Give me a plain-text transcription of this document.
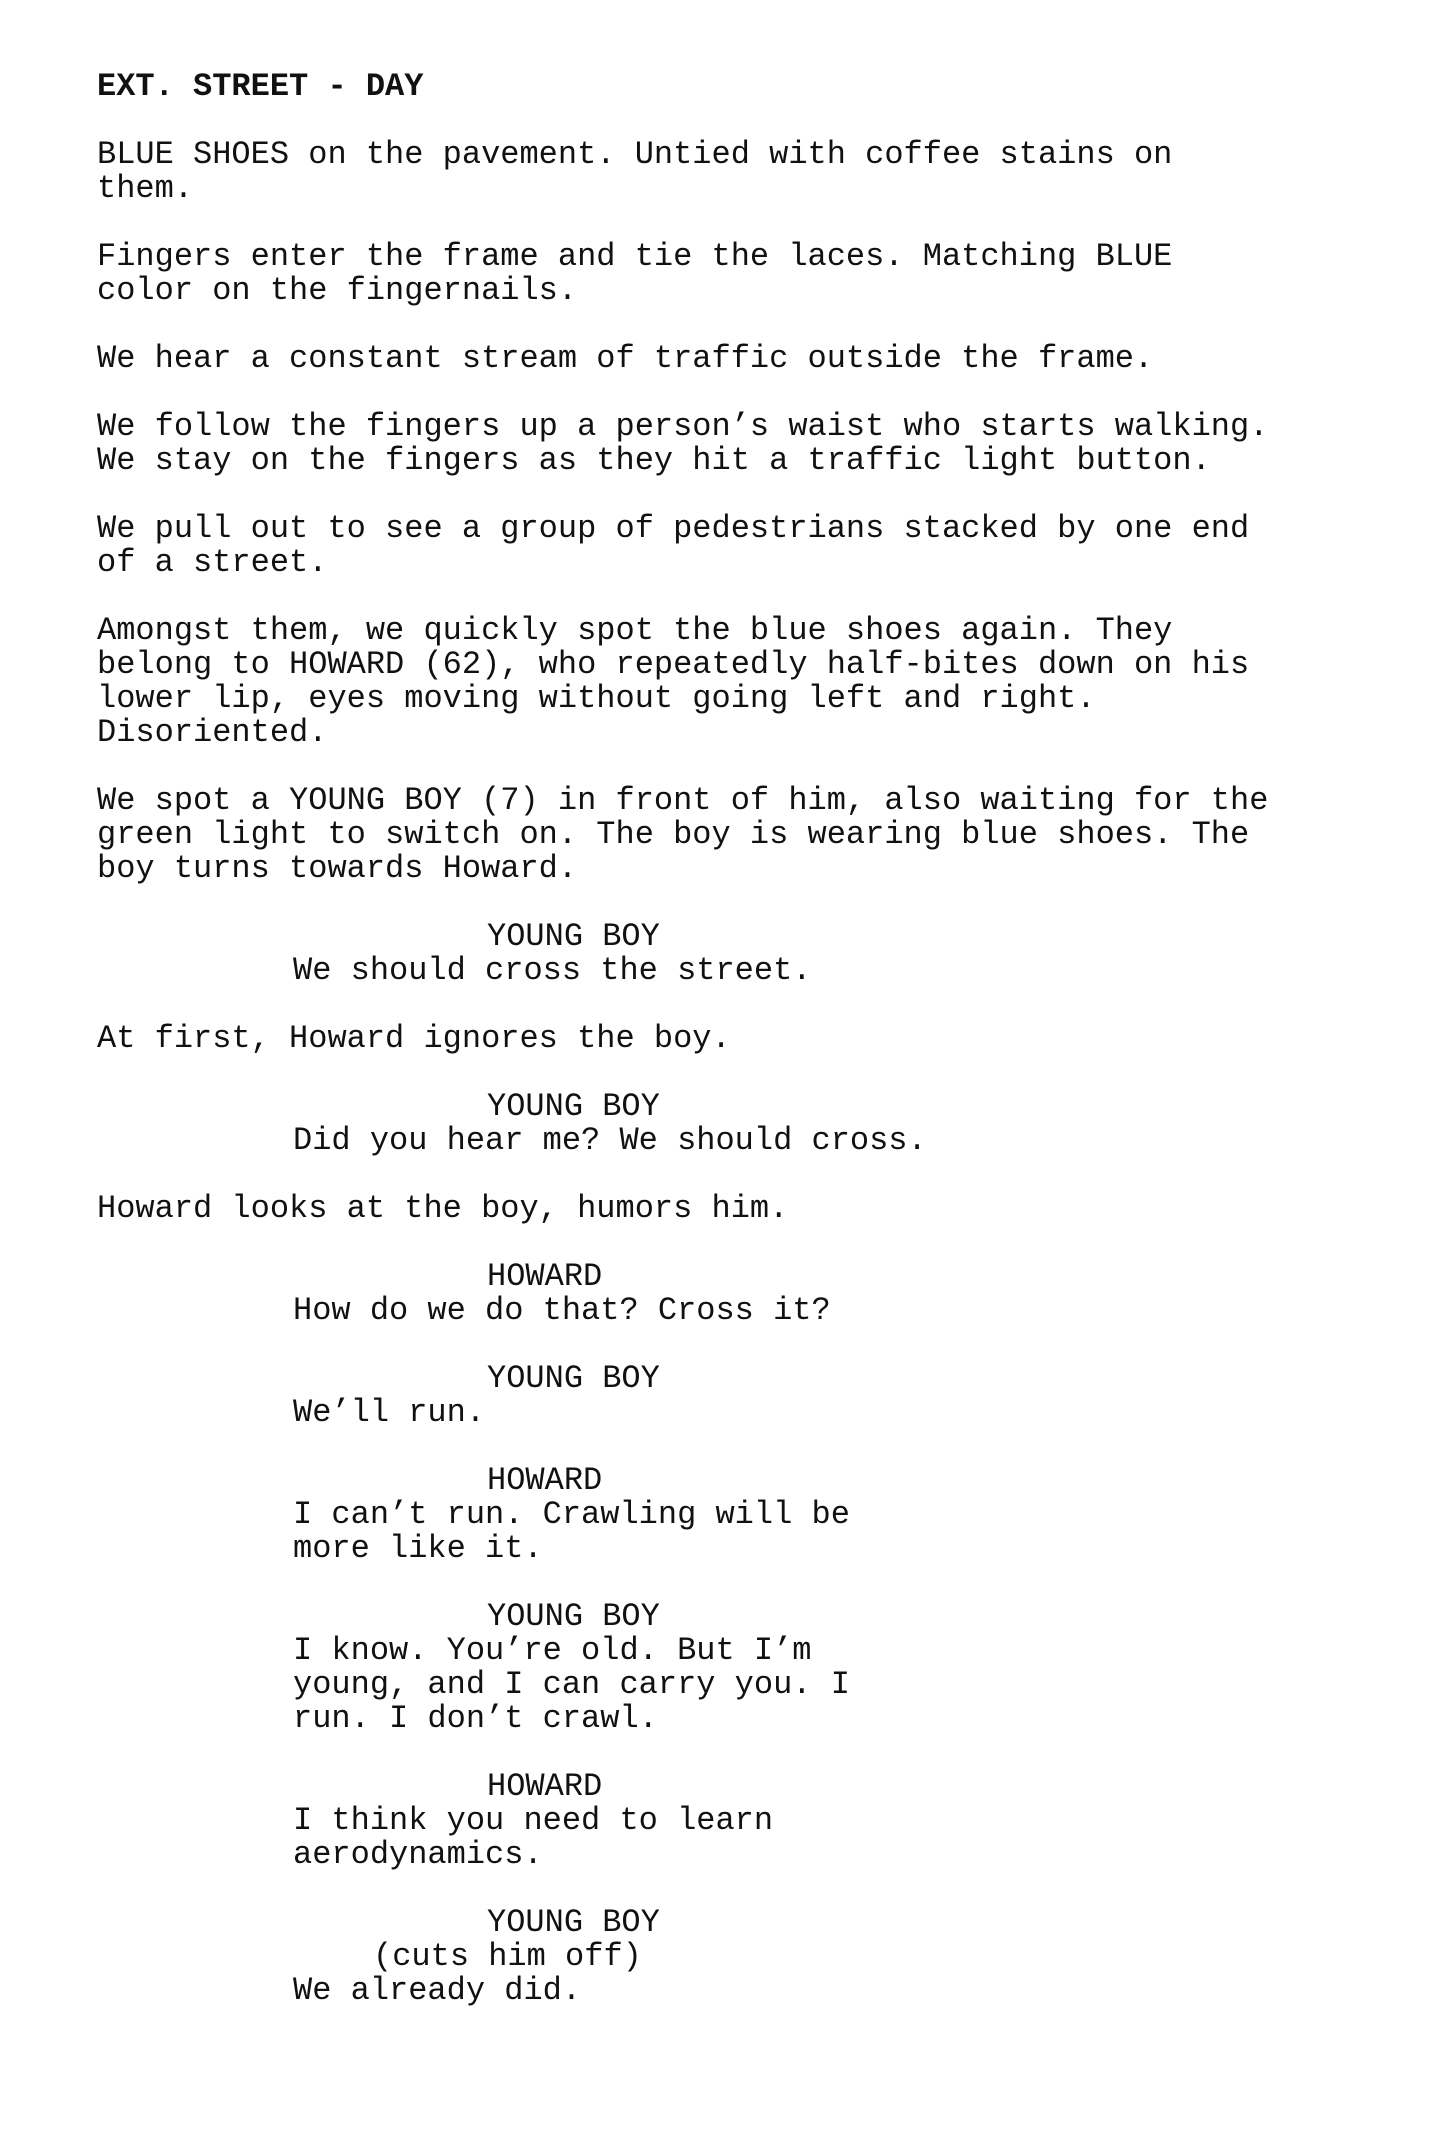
EXT. STREET - DAY
BLUE SHOES on the pavement. Untied with coffee stains on
them.
Fingers enter the frame and tie the laces. Matching BLUE
color on the fingernails.
We hear a constant stream of traffic outside the frame.
We follow the fingers up a person’s waist who starts walking.
We stay on the fingers as they hit a traffic light button.
We pull out to see a group of pedestrians stacked by one end
of a street.
Amongst them, we quickly spot the blue shoes again. They
belong to HOWARD (62), who repeatedly half-bites down on his
lower lip, eyes moving without going left and right.
Disoriented.
We spot a YOUNG BOY (7) in front of him, also waiting for the
green light to switch on. The boy is wearing blue shoes. The
boy turns towards Howard.
YOUNG BOY
We should cross the street.
At first, Howard ignores the boy.
YOUNG BOY
Did you hear me? We should cross.
Howard looks at the boy, humors him.
HOWARD
How do we do that? Cross it?
YOUNG BOY
We’ll run.
HOWARD
I can’t run. Crawling will be
more like it.
YOUNG BOY
I know. You’re old. But I’m
young, and I can carry you. I
run. I don’t crawl.
HOWARD
I think you need to learn
aerodynamics.
YOUNG BOY
(cuts him off)
We already did.
